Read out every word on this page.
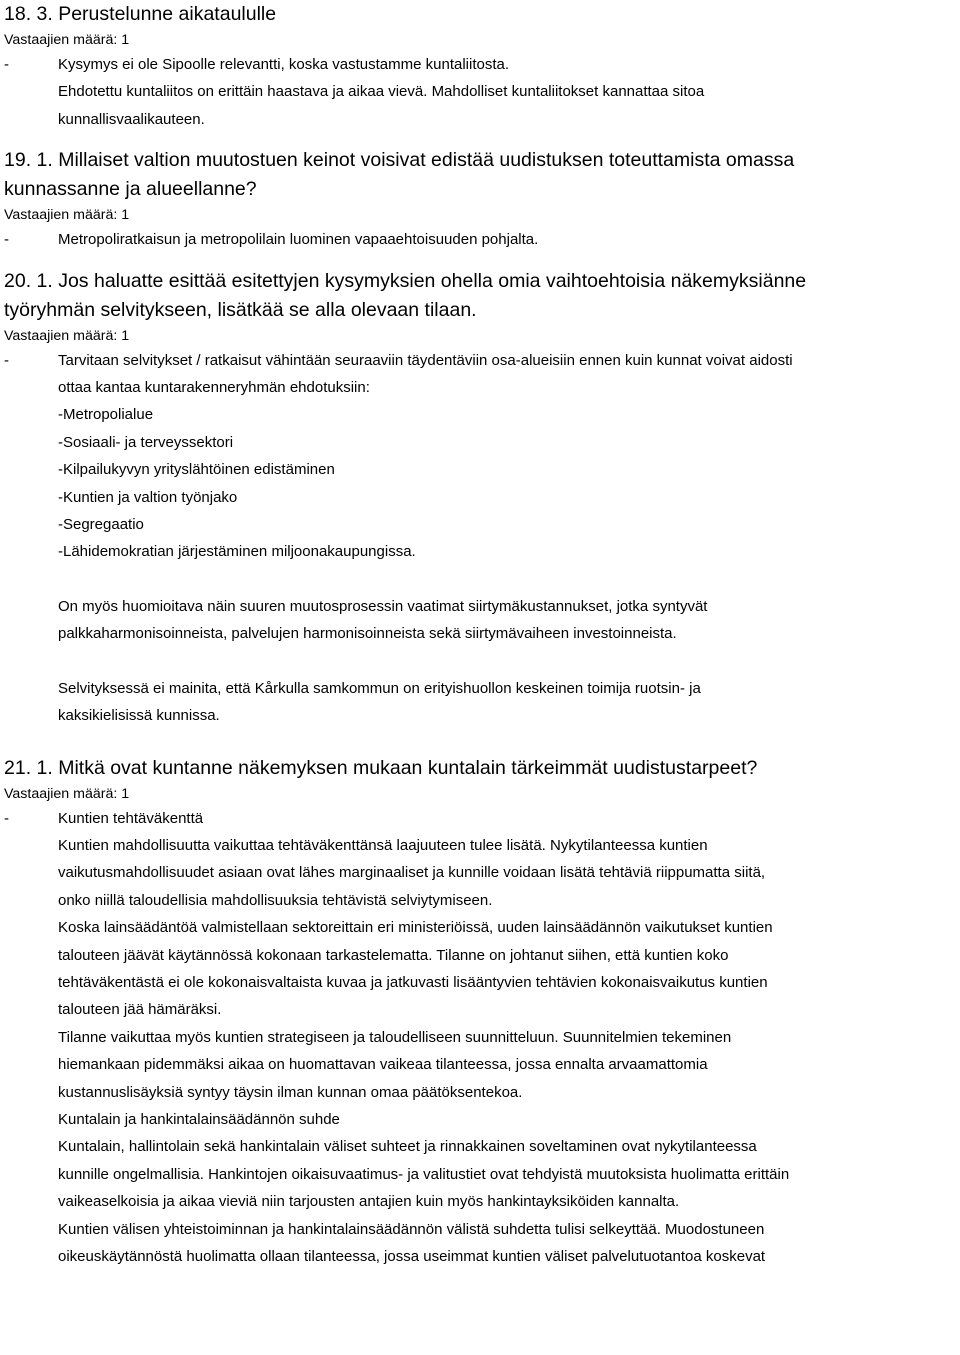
18. 3. Perustelunne aikataululle

Vastaajien määrä: 1

-	Kysymys ei ole Sipoolle relevantti, koska vastustamme kuntaliitosta.

Ehdotettu kuntaliitos on erittäin haastava ja aikaa vievä. Mahdolliset kuntaliitokset kannattaa sitoa

kunnallisvaalikauteen.

19. 1. Millaiset valtion muutostuen keinot voisivat edistää uudistuksen toteuttamista omassa
kunnassanne ja alueellanne?

Vastaajien määrä: 1

-	Metropoliratkaisun ja metropolilain luominen vapaaehtoisuuden pohjalta.

20. 1. Jos haluatte esittää esitettyjen kysymyksien ohella omia vaihtoehtoisia näkemyksiänne
työryhmän selvitykseen, lisätkää se alla olevaan tilaan.

Vastaajien määrä: 1

-	Tarvitaan selvitykset / ratkaisut vähintään seuraaviin täydentäviin osa-alueisiin ennen kuin kunnat voivat aidosti

ottaa kantaa kuntarakenneryhmän ehdotuksiin:

-Metropolialue

-Sosiaali- ja terveyssektori

-Kilpailukyvyn yrityslähtöinen edistäminen

-Kuntien ja valtion työnjako

-Segregaatio

-Lähidemokratian järjestäminen miljoonakaupungissa.

On myös huomioitava näin suuren muutosprosessin vaatimat siirtymäkustannukset, jotka syntyvät

palkkaharmonisoinneista, palvelujen harmonisoinneista sekä siirtymävaiheen investoinneista.

Selvityksessä ei mainita, että Kårkulla samkommun on erityishuollon keskeinen toimija ruotsin- ja

kaksikielisissä kunnissa.

21. 1. Mitkä ovat kuntanne näkemyksen mukaan kuntalain tärkeimmät uudistustarpeet?

Vastaajien määrä: 1

-	Kuntien tehtäväkenttä

Kuntien mahdollisuutta vaikuttaa tehtäväkenttänsä laajuuteen tulee lisätä. Nykytilanteessa kuntien

vaikutusmahdollisuudet asiaan ovat lähes marginaaliset ja kunnille voidaan lisätä tehtäviä riippumatta siitä,

onko niillä taloudellisia mahdollisuuksia tehtävistä selviytymiseen.

Koska lainsäädäntöä valmistellaan sektoreittain eri ministeriöissä, uuden lainsäädännön vaikutukset kuntien

talouteen jäävät käytännössä kokonaan tarkastelematta. Tilanne on johtanut siihen, että kuntien koko

tehtäväkentästä ei ole kokonaisvaltaista kuvaa ja jatkuvasti lisääntyvien tehtävien kokonaisvaikutus kuntien

talouteen jää hämäräksi.

Tilanne vaikuttaa myös kuntien strategiseen ja taloudelliseen suunnitteluun. Suunnitelmien tekeminen

hiemankaan pidemmäksi aikaa on huomattavan vaikeaa tilanteessa, jossa ennalta arvaamattomia

kustannuslisäyksiä syntyy täysin ilman kunnan omaa päätöksentekoa.

Kuntalain ja hankintalainsäädännön suhde

Kuntalain, hallintolain sekä hankintalain väliset suhteet ja rinnakkainen soveltaminen ovat nykytilanteessa

kunnille ongelmallisia. Hankintojen oikaisuvaatimus- ja valitustiet ovat tehdyistä muutoksista huolimatta erittäin

vaikeaselkoisia ja aikaa vieviä niin tarjousten antajien kuin myös hankintayksiköiden kannalta.

Kuntien välisen yhteistoiminnan ja hankintalainsäädännön välistä suhdetta tulisi selkeyttää. Muodostuneen

oikeuskäytännöstä huolimatta ollaan tilanteessa, jossa useimmat kuntien väliset palvelutuotantoa koskevat
